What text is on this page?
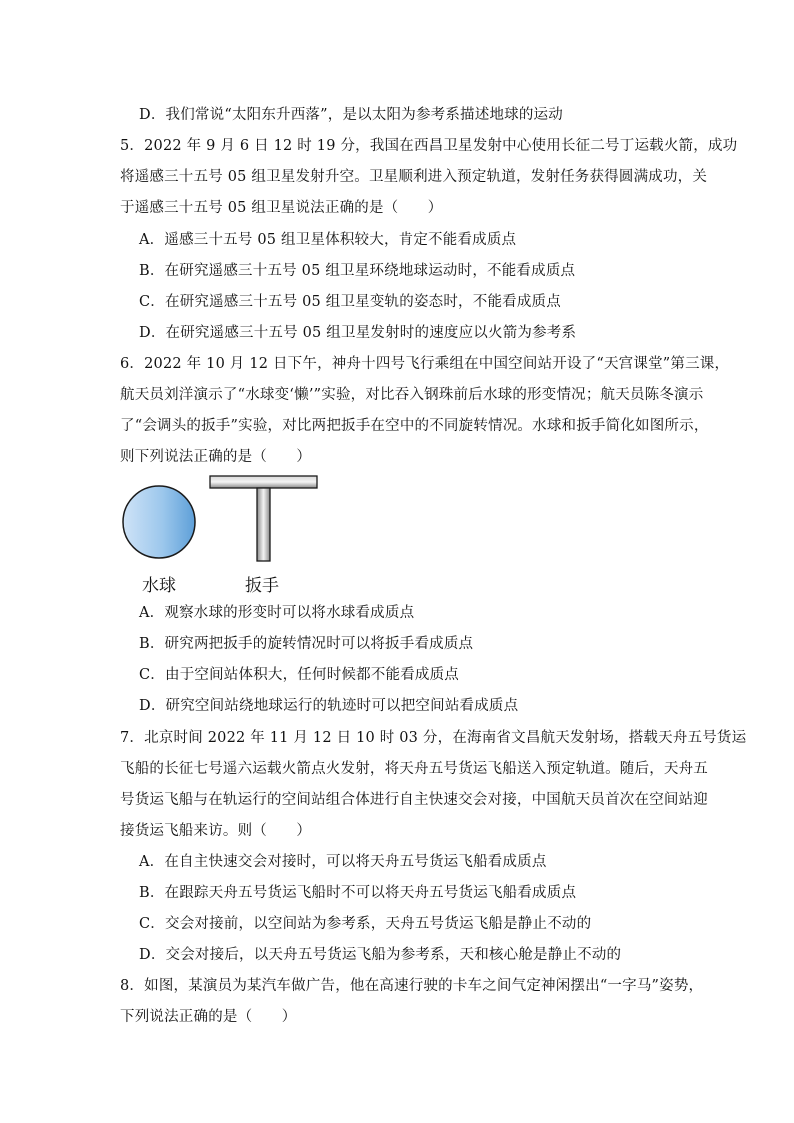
D．我们常说“太阳东升西落”，是以太阳为参考系描述地球的运动
5．2022 年 9 月 6 日 12 时 19 分，我国在西昌卫星发射中心使用长征二号丁运载火箭，成功
将遥感三十五号 05 组卫星发射升空。卫星顺利进入预定轨道，发射任务获得圆满成功，关
于遥感三十五号 05 组卫星说法正确的是（　　）
A．遥感三十五号 05 组卫星体积较大，肯定不能看成质点
B．在研究遥感三十五号 05 组卫星环绕地球运动时，不能看成质点
C．在研究遥感三十五号 05 组卫星变轨的姿态时，不能看成质点
D．在研究遥感三十五号 05 组卫星发射时的速度应以火箭为参考系
6．2022 年 10 月 12 日下午，神舟十四号飞行乘组在中国空间站开设了“天宫课堂”第三课，
航天员刘洋演示了“水球变‘懒’”实验，对比吞入钢珠前后水球的形变情况；航天员陈冬演示
了“会调头的扳手”实验，对比两把扳手在空中的不同旋转情况。水球和扳手简化如图所示，
则下列说法正确的是（　　）
水球	扳手
A．观察水球的形变时可以将水球看成质点
B．研究两把扳手的旋转情况时可以将扳手看成质点
C．由于空间站体积大，任何时候都不能看成质点
D．研究空间站绕地球运行的轨迹时可以把空间站看成质点
7．北京时间 2022 年 11 月 12 日 10 时 03 分，在海南省文昌航天发射场，搭载天舟五号货运
飞船的长征七号遥六运载火箭点火发射，将天舟五号货运飞船送入预定轨道。随后，天舟五
号货运飞船与在轨运行的空间站组合体进行自主快速交会对接，中国航天员首次在空间站迎
接货运飞船来访。则（　　）
A．在自主快速交会对接时，可以将天舟五号货运飞船看成质点
B．在跟踪天舟五号货运飞船时不可以将天舟五号货运飞船看成质点
C．交会对接前，以空间站为参考系，天舟五号货运飞船是静止不动的
D．交会对接后，以天舟五号货运飞船为参考系，天和核心舱是静止不动的
8．如图，某演员为某汽车做广告，他在高速行驶的卡车之间气定神闲摆出“一字马”姿势，
下列说法正确的是（　　）
